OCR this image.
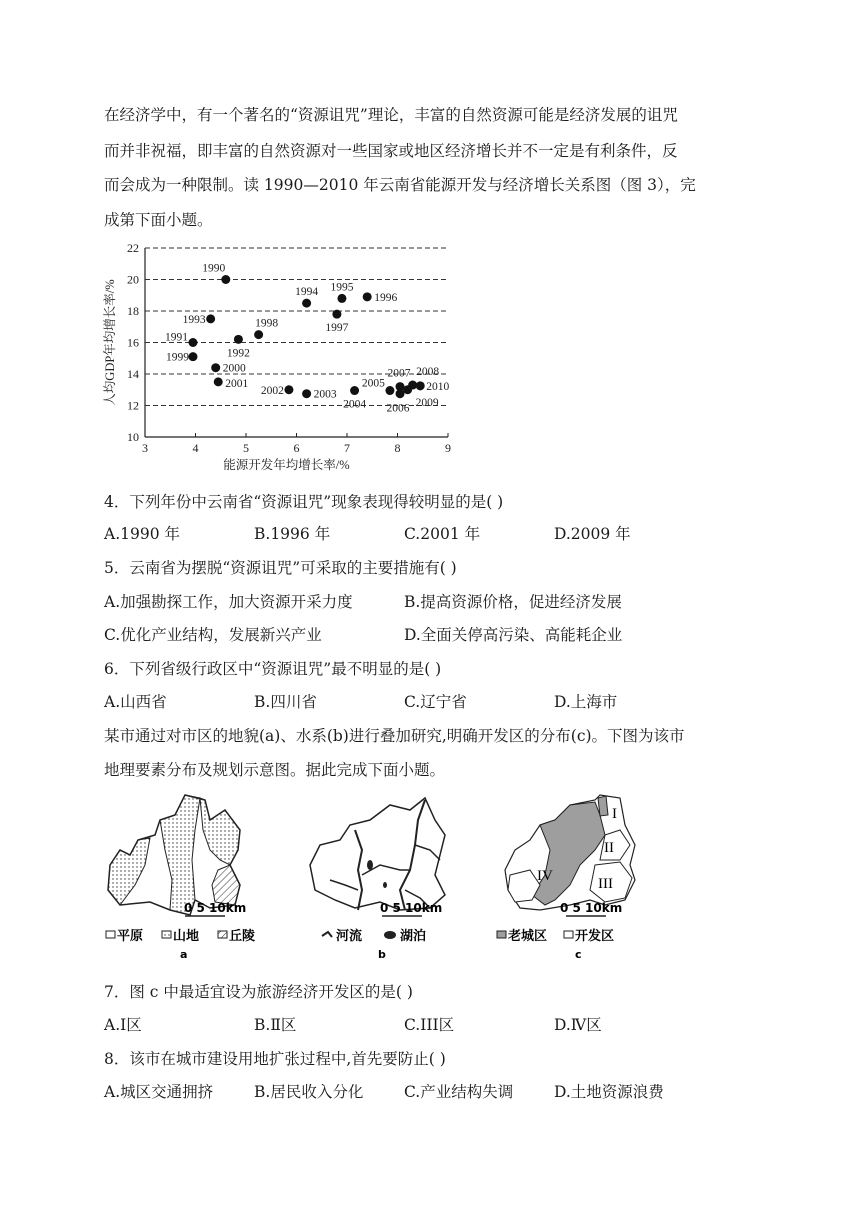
在经济学中，有一个著名的“资源诅咒”理论，丰富的自然资源可能是经济发展的诅咒
而并非祝福，即丰富的自然资源对一些国家或地区经济增长并不一定是有利条件，反
而会成为一种限制。读 1990—2010 年云南省能源开发与经济增长关系图（图 3），完
成第下面小题。
10
12
14
16
18
20
22
3	4	5	6	7	8	9
能源开发年均增长率/%
人均GDP年均增长率/%
1990
1991
1992
1993
1994 1995
1996
1997
1998
1999
2000
2001
2002	2003
2004
2005
2006
2007 2008
2009
2010
4．下列年份中云南省“资源诅咒”现象表现得较明显的是( )
A.1990 年	B.1996 年	C.2001 年	D.2009 年
5．云南省为摆脱“资源诅咒”可采取的主要措施有( )
A.加强勘探工作，加大资源开采力度	B.提高资源价格，促进经济发展
C.优化产业结构，发展新兴产业	D.全面关停高污染、高能耗企业
6．下列省级行政区中“资源诅咒”最不明显的是( )
A.山西省	B.四川省	C.辽宁省	D.上海市
某市通过对市区的地貌(a)、水系(b)进行叠加研究,明确开发区的分布(c)。下图为该市
地理要素分布及规划示意图。据此完成下面小题。
0 5 10km
平原 山地 丘陵
a
0 5 10km
河流	湖泊
b
I
II
III
IV
0 5 10km
老城区 开发区
c
7．图 c 中最适宜设为旅游经济开发区的是( )
A.Ⅰ区	B.Ⅱ区	C.III区	D.Ⅳ区
8．该市在城市建设用地扩张过程中,首先要防止( )
A.城区交通拥挤	B.居民收入分化	C.产业结构失调	D.土地资源浪费
